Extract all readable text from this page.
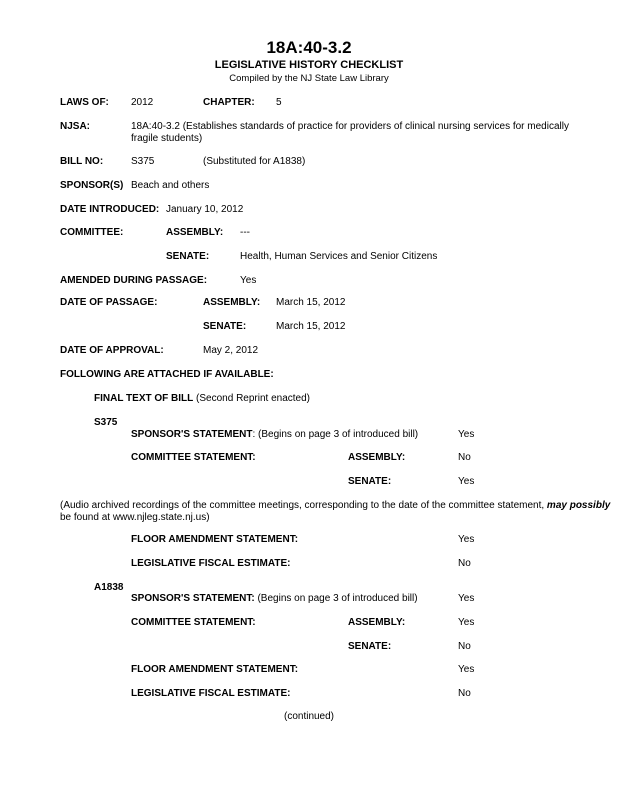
18A:40-3.2
LEGISLATIVE HISTORY CHECKLIST
Compiled by the NJ State Law Library
LAWS OF: 2012	CHAPTER: 5
NJSA:	18A:40-3.2 (Establishes standards of practice for providers of clinical nursing services for medically fragile students)
BILL NO:	S375	(Substituted for A1838)
SPONSOR(S) Beach and others
DATE INTRODUCED: January 10, 2012
COMMITTEE:	ASSEMBLY: ---
SENATE:	Health, Human Services and Senior Citizens
AMENDED DURING PASSAGE:	Yes
DATE OF PASSAGE:	ASSEMBLY: March 15, 2012
SENATE:	March 15, 2012
DATE OF APPROVAL:	May 2, 2012
FOLLOWING ARE ATTACHED IF AVAILABLE:
FINAL TEXT OF BILL (Second Reprint enacted)
S375
SPONSOR'S STATEMENT: (Begins on page 3 of introduced bill)	Yes
COMMITTEE STATEMENT:	ASSEMBLY:	No
SENATE:	Yes
(Audio archived recordings of the committee meetings, corresponding to the date of the committee statement, may possibly
be found at www.njleg.state.nj.us)
FLOOR AMENDMENT STATEMENT:	Yes
LEGISLATIVE FISCAL ESTIMATE:	No
A1838
SPONSOR'S STATEMENT: (Begins on page 3 of introduced bill)	Yes
COMMITTEE STATEMENT:	ASSEMBLY:	Yes
SENATE:	No
FLOOR AMENDMENT STATEMENT:	Yes
LEGISLATIVE FISCAL ESTIMATE:	No
(continued)
